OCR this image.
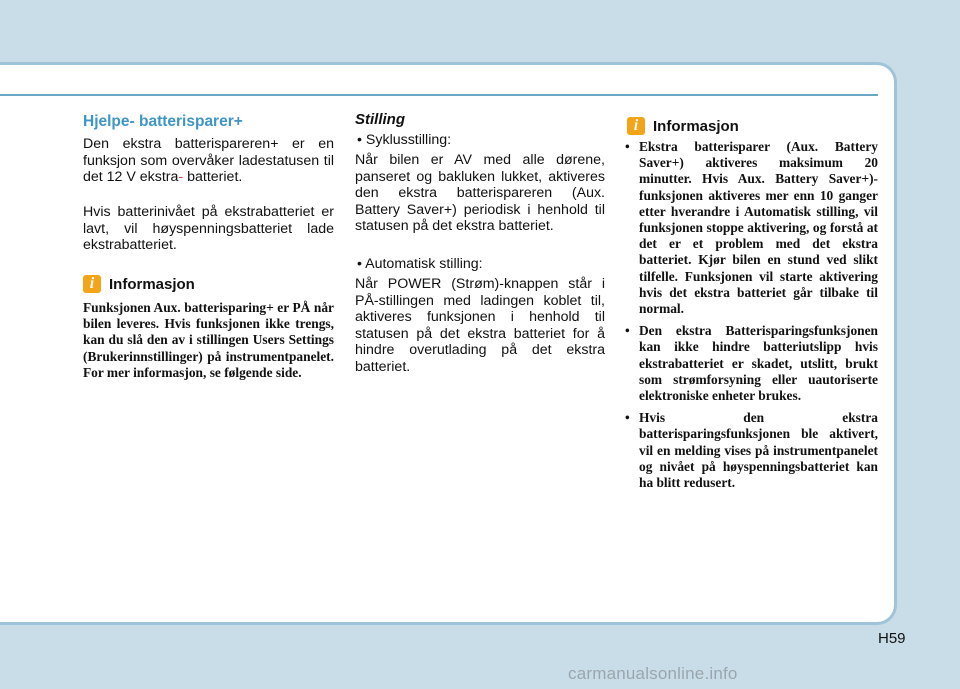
Hjelpe- batterisparer+

Den ekstra batterispareren+ er en funksjon som overvåker ladestatusen til det 12 V ekstra- batteriet.

Hvis batterinivået på ekstrabatteriet er lavt, vil høyspenningsbatteriet lade ekstrabatteriet.

i Informasjon

Funksjonen Aux. batterisparing+ er PÅ når bilen leveres. Hvis funksjonen ikke trengs, kan du slå den av i stillingen Users Settings (Brukerinnstillinger) på instrumentpanelet. For mer informasjon, se følgende side.

Stilling
• Syklusstilling:

Når bilen er AV med alle dørene, panseret og bakluken lukket, aktiveres den ekstra batterispareren (Aux. Battery Saver+) periodisk i henhold til statusen på det ekstra batteriet.

• Automatisk stilling:

Når POWER (Strøm)-knappen står i PÅ-stillingen med ladingen koblet til, aktiveres funksjonen i henhold til statusen på det ekstra batteriet for å hindre overutlading på det ekstra batteriet.

i Informasjon
• Ekstra batterisparer (Aux. Battery Saver+) aktiveres maksimum 20 minutter. Hvis Aux. Battery Saver+)-funksjonen aktiveres mer enn 10 ganger etter hverandre i Automatisk stilling, vil funksjonen stoppe aktivering, og forstå at det er et problem med det ekstra batteriet. Kjør bilen en stund ved slikt tilfelle. Funksjonen vil starte aktivering hvis det ekstra batteriet går tilbake til normal.
• Den ekstra Batterisparingsfunksjonen kan ikke hindre batteriutslipp hvis ekstrabatteriet er skadet, utslitt, brukt som strømforsyning eller uautoriserte elektroniske enheter brukes.
• Hvis den ekstra batterisparingsfunksjonen ble aktivert, vil en melding vises på instrumentpanelet og nivået på høyspenningsbatteriet kan ha blitt redusert.
H59
carmanualsonline.info
